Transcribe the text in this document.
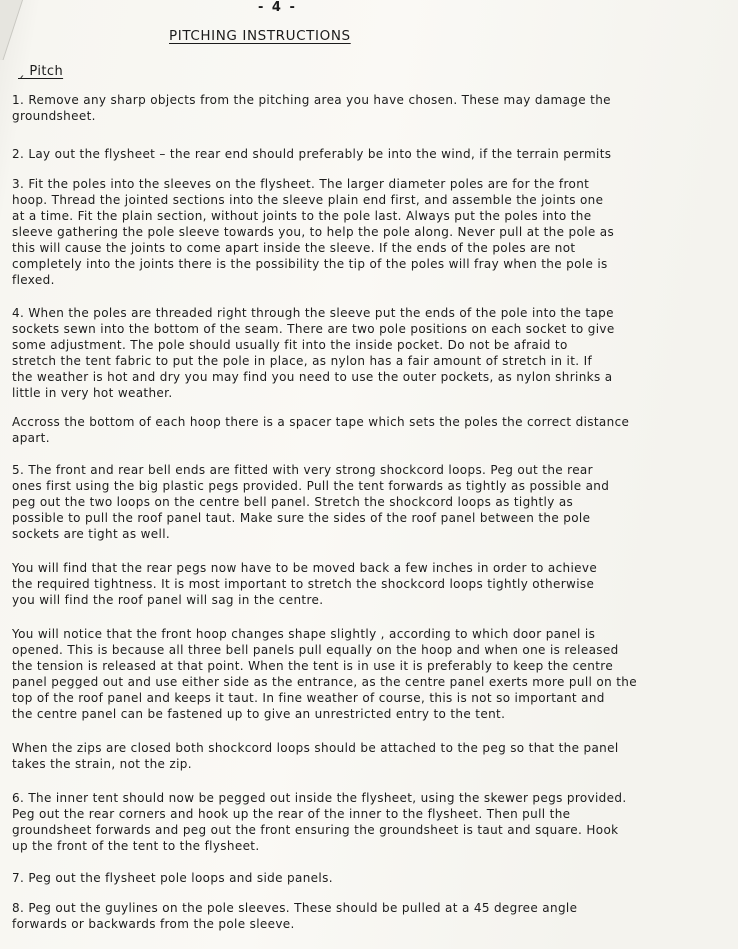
- 4 -
PITCHING INSTRUCTIONS
ˏ Pitch

1. Remove any sharp objects from the pitching area you have chosen. These may damage the
groundsheet.

2. Lay out the flysheet – the rear end should preferably be into the wind, if the terrain permits

3. Fit the poles into the sleeves on the flysheet. The larger diameter poles are for the front
hoop. Thread the jointed sections into the sleeve plain end first, and assemble the joints one
at a time. Fit the plain section, without joints to the pole last. Always put the poles into the
sleeve gathering the pole sleeve towards you, to help the pole along. Never pull at the pole as
this will cause the joints to come apart inside the sleeve. If the ends of the poles are not
completely into the joints there is the possibility the tip of the poles will fray when the pole is
flexed.

4. When the poles are threaded right through the sleeve put the ends of the pole into the tape
sockets sewn into the bottom of the seam. There are two pole positions on each socket to give
some adjustment. The pole should usually fit into the inside pocket. Do not be afraid to
stretch the tent fabric to put the pole in place, as nylon has a fair amount of stretch in it. If
the weather is hot and dry you may find you need to use the outer pockets, as nylon shrinks a
little in very hot weather.

Accross the bottom of each hoop there is a spacer tape which sets the poles the correct distance
apart.

5. The front and rear bell ends are fitted with very strong shockcord loops. Peg out the rear
ones first using the big plastic pegs provided. Pull the tent forwards as tightly as possible and
peg out the two loops on the centre bell panel. Stretch the shockcord loops as tightly as
possible to pull the roof panel taut. Make sure the sides of the roof panel between the pole
sockets are tight as well.

You will find that the rear pegs now have to be moved back a few inches in order to achieve
the required tightness. It is most important to stretch the shockcord loops tightly otherwise
you will find the roof panel will sag in the centre.

You will notice that the front hoop changes shape slightly , according to which door panel is
opened. This is because all three bell panels pull equally on the hoop and when one is released
the tension is released at that point. When the tent is in use it is preferably to keep the centre
panel pegged out and use either side as the entrance, as the centre panel exerts more pull on the
top of the roof panel and keeps it taut. In fine weather of course, this is not so important and
the centre panel can be fastened up to give an unrestricted entry to the tent.

When the zips are closed both shockcord loops should be attached to the peg so that the panel
takes the strain, not the zip.

6. The inner tent should now be pegged out inside the flysheet, using the skewer pegs provided.
Peg out the rear corners and hook up the rear of the inner to the flysheet. Then pull the
groundsheet forwards and peg out the front ensuring the groundsheet is taut and square. Hook
up the front of the tent to the flysheet.

7. Peg out the flysheet pole loops and side panels.

8. Peg out the guylines on the pole sleeves. These should be pulled at a 45 degree angle
forwards or backwards from the pole sleeve.
